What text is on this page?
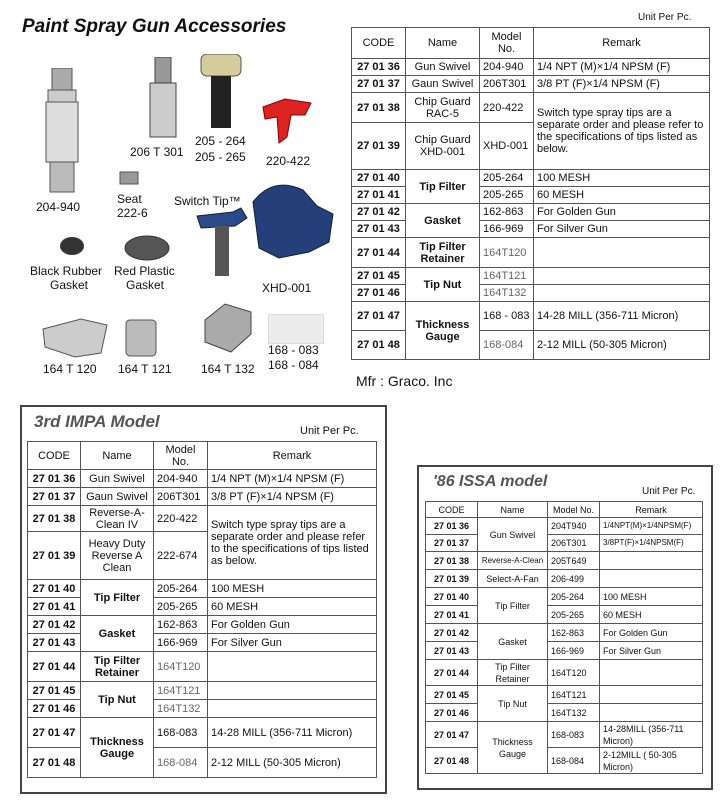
Paint Spray Gun Accessories
206 T 301
205 - 264
205 - 265 220-422
204-940
Seat
222-6
Switch Tip™
Black Rubber
Gasket
Red Plastic
Gasket	XHD-001
164 T 120 164 T 121 164 T 132
168 - 083
168 - 084
Unit Per Pc.
CODE	Name	Model No.	Remark
27 01 36	Gun Swivel	204-940	1/4 NPT (M)×1/4 NPSM (F)
27 01 37	Gaun Swivel	206T301	3/8 PT (F)×1/4 NPSM (F)
27 01 38	Chip Guard RAC-5	220-422	Switch type spray tips are a separate order and please refer to the specifications of tips listed as below.
27 01 39	Chip Guard XHD-001	XHD-001	
27 01 40	Tip Filter	205-264	100 MESH
27 01 41		205-265	60 MESH
27 01 42	Gasket	162-863	For Golden Gun
27 01 43		166-969	For Silver Gun
27 01 44	Tip Filter Retainer	164T120	
27 01 45	Tip Nut	164T121	
27 01 46		164T132	
27 01 47	Thickness Gauge	168 - 083	14-28 MILL (356-711 Micron)
27 01 48		168-084	2-12 MILL (50-305 Micron)
Mfr : Graco. Inc
3rd IMPA Model	Unit Per Pc.
CODE	Name	Model No.	Remark
27 01 36	Gun Swivel	204-940	1/4 NPT (M)×1/4 NPSM (F)
27 01 37	Gaun Swivel	206T301	3/8 PT (F)×1/4 NPSM (F)
27 01 38	Reverse-A-Clean IV	220-422	Switch type spray tips are a separate order and please refer to the specifications of tips listed as below.
27 01 39	Heavy Duty Reverse A Clean	222-674	
27 01 40	Tip Filter	205-264	100 MESH
27 01 41		205-265	60 MESH
27 01 42	Gasket	162-863	For Golden Gun
27 01 43		166-969	For Silver Gun
27 01 44	Tip Filter Retainer	164T120	
27 01 45	Tip Nut	164T121	
27 01 46		164T132	
27 01 47	Thickness Gauge	168-083	14-28 MILL (356-711 Micron)
27 01 48		168-084	2-12 MILL (50-305 Micron)
'86 ISSA model
Unit Per Pc.
CODE	Name	Model No.	Remark
27 01 36	Gun Swivel	204T940	1/4NPT(M)×1/4NPSM(F)
27 01 37		206T301	3/8PT(F)×1/4NPSM(F)
27 01 38	Reverse-A-Clean	205T649	
27 01 39	Select-A-Fan	206-499	
27 01 40	Tip Filter	205-264	100 MESH
27 01 41		205-265	60 MESH
27 01 42	Gasket	162-863	For Golden Gun
27 01 43		166-969	For Silver Gun
27 01 44	Tip Filter Retainer	164T120	
27 01 45	Tip Nut	164T121	
27 01 46		164T132	
27 01 47	Thickness Gauge	168-083	14-28MILL (356-711 Micron)
27 01 48		168-084	2-12MILL ( 50-305 Micron)
